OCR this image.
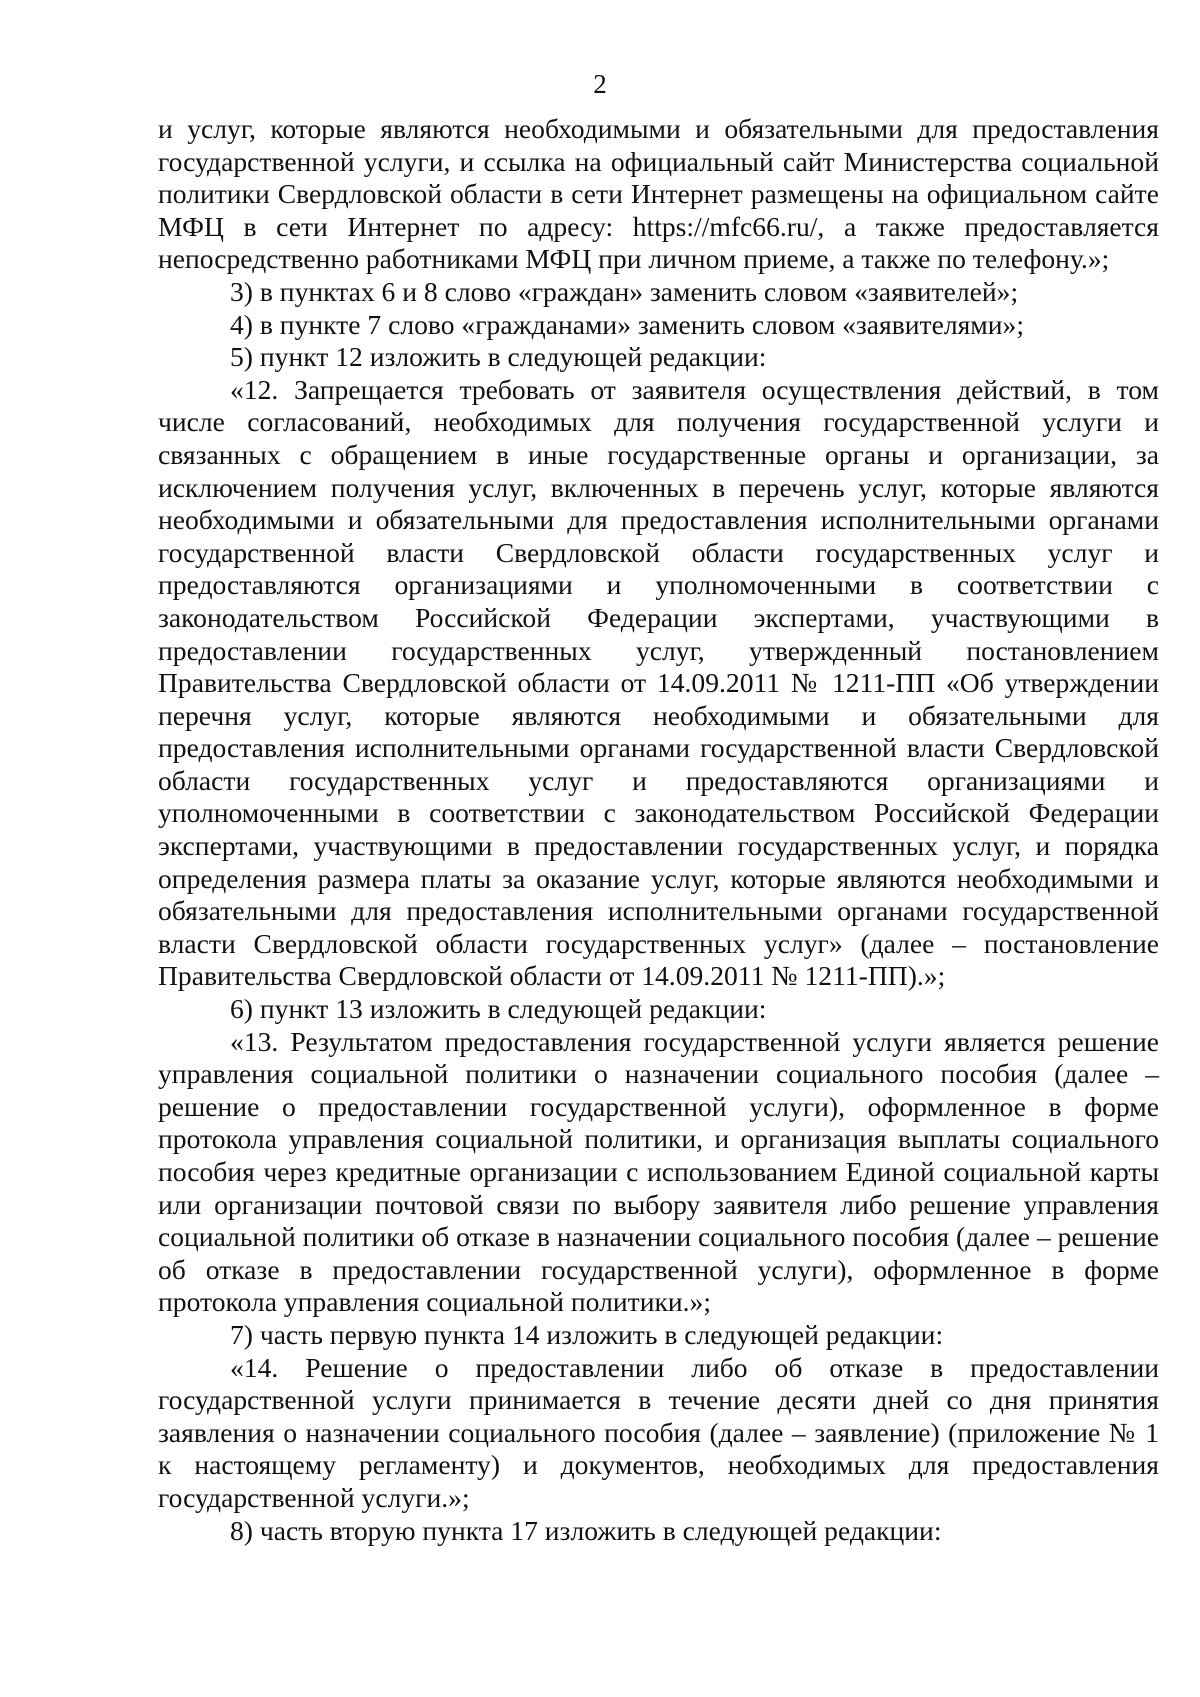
2

и услуг, которые являются необходимыми и обязательными для предоставления государственной услуги, и ссылка на официальный сайт Министерства социальной политики Свердловской области в сети Интернет размещены на официальном сайте МФЦ в сети Интернет по адресу: https://mfc66.ru/, а также предоставляется непосредственно работниками МФЦ при личном приеме, а также по телефону.»;

3) в пунктах 6 и 8 слово «граждан» заменить словом «заявителей»;

4) в пункте 7 слово «гражданами» заменить словом «заявителями»;

5) пункт 12 изложить в следующей редакции:

«12. Запрещается требовать от заявителя осуществления действий, в том числе согласований, необходимых для получения государственной услуги и связанных с обращением в иные государственные органы и организации, за исключением получения услуг, включенных в перечень услуг, которые являются необходимыми и обязательными для предоставления исполнительными органами государственной власти Свердловской области государственных услуг и предоставляются организациями и уполномоченными в соответствии с законодательством Российской Федерации экспертами, участвующими в предоставлении государственных услуг, утвержденный постановлением Правительства Свердловской области от 14.09.2011 № 1211-ПП «Об утверждении перечня услуг, которые являются необходимыми и обязательными для предоставления исполнительными органами государственной власти Свердловской области государственных услуг и предоставляются организациями и уполномоченными в соответствии с законодательством Российской Федерации экспертами, участвующими в предоставлении государственных услуг, и порядка определения размера платы за оказание услуг, которые являются необходимыми и обязательными для предоставления исполнительными органами государственной власти Свердловской области государственных услуг» (далее – постановление Правительства Свердловской области от 14.09.2011 № 1211-ПП).»;

6) пункт 13 изложить в следующей редакции:

«13. Результатом предоставления государственной услуги является решение управления социальной политики о назначении социального пособия (далее – решение о предоставлении государственной услуги), оформленное в форме протокола управления социальной политики, и организация выплаты социального пособия через кредитные организации с использованием Единой социальной карты или организации почтовой связи по выбору заявителя либо решение управления социальной политики об отказе в назначении социального пособия (далее – решение об отказе в предоставлении государственной услуги), оформленное в форме протокола управления социальной политики.»;

7) часть первую пункта 14 изложить в следующей редакции:

«14. Решение о предоставлении либо об отказе в предоставлении государственной услуги принимается в течение десяти дней со дня принятия заявления о назначении социального пособия (далее – заявление) (приложение № 1 к настоящему регламенту) и документов, необходимых для предоставления государственной услуги.»;

8) часть вторую пункта 17 изложить в следующей редакции:
